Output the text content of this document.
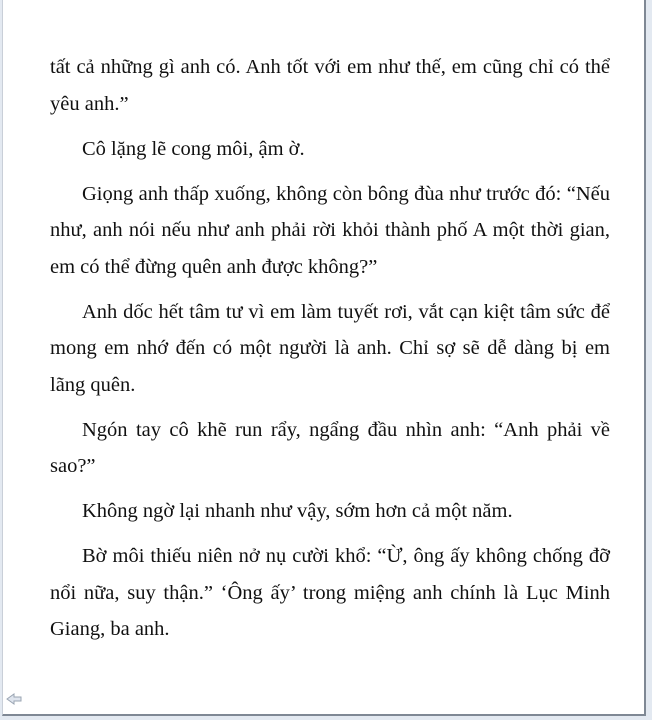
tất cả những gì anh có. Anh tốt với em như thế, em cũng chỉ có thể yêu anh.”

Cô lặng lẽ cong môi, ậm ờ.

Giọng anh thấp xuống, không còn bông đùa như trước đó: “Nếu như, anh nói nếu như anh phải rời khỏi thành phố A một thời gian, em có thể đừng quên anh được không?”

Anh dốc hết tâm tư vì em làm tuyết rơi, vắt cạn kiệt tâm sức để mong em nhớ đến có một người là anh. Chỉ sợ sẽ dễ dàng bị em lãng quên.

Ngón tay cô khẽ run rẩy, ngẩng đầu nhìn anh: “Anh phải về sao?”

Không ngờ lại nhanh như vậy, sớm hơn cả một năm.

Bờ môi thiếu niên nở nụ cười khổ: “Ừ, ông ấy không chống đỡ nổi nữa, suy thận.” ‘Ông ấy’ trong miệng anh chính là Lục Minh Giang, ba anh.
